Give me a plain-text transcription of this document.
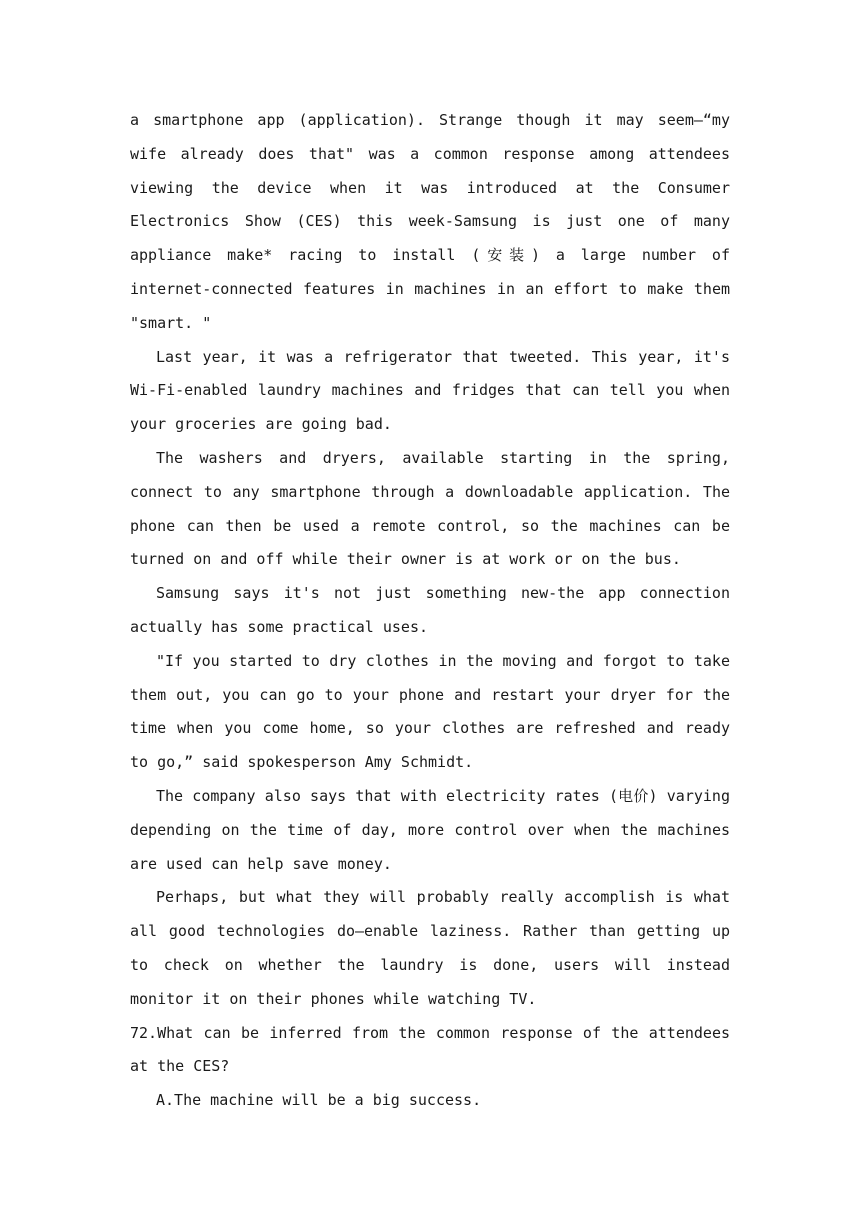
a smartphone app (application). Strange though it may seem—“my wife already does that" was a common response among attendees viewing the device when it was introduced at the Consumer Electronics Show (CES) this week-Samsung is just one of many appliance make* racing to install (安装) a large number of internet-connected features in machines in an effort to make them "smart. "

Last year, it was a refrigerator that tweeted. This year, it's Wi-Fi-enabled laundry machines and fridges that can tell you when your groceries are going bad.

The washers and dryers, available starting in the spring, connect to any smartphone through a downloadable application. The phone can then be used a remote control, so the machines can be turned on and off while their owner is at work or on the bus.

Samsung says it's not just something new-the app connection actually has some practical uses.

"If you started to dry clothes in the moving and forgot to take them out, you can go to your phone and restart your dryer for the time when you come home, so your clothes are refreshed and ready to go,” said spokesperson Amy Schmidt.

The company also says that with electricity rates (电价) varying depending on the time of day, more control over when the machines are used can help save money.

Perhaps, but what they will probably really accomplish is what all good technologies do—enable laziness. Rather than getting up to check on whether the laundry is done, users will instead monitor it on their phones while watching TV.

72.What can be inferred from the common response of the attendees at the CES?

A.The machine will be a big success.
